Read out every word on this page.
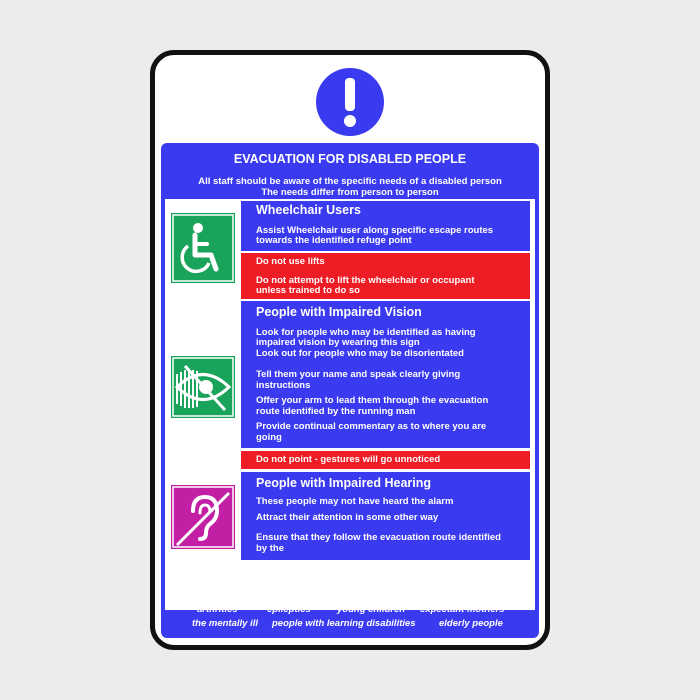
EVACUATION FOR DISABLED PEOPLE

All staff should be aware of the specific needs of a disabled person

The needs differ from person to person

Wheelchair Users
Assist Wheelchair user along specific escape routes
towards the identified refuge point
Do not use lifts
Do not attempt to lift the wheelchair or occupant
unless trained to do so
People with Impaired Vision
Look for people who may be identified as having
impaired vision by wearing this sign
Look out for people who may be disorientated
Tell them your name and speak clearly giving
instructions
Offer your arm to lead them through the evacuation
route identified by the running man
Provide continual commentary as to where you are
going
Do not point - gestures will go unnoticed
People with Impaired Hearing
These people may not have heard the alarm
Attract their attention in some other way
Ensure that they follow the evacuation route identified
by the

You will need to be sensitive to the following other group of people

who may need special attention

arthritics	epileptics	young children expectant mothers
the mentally ill people with learning disabilities elderly people
